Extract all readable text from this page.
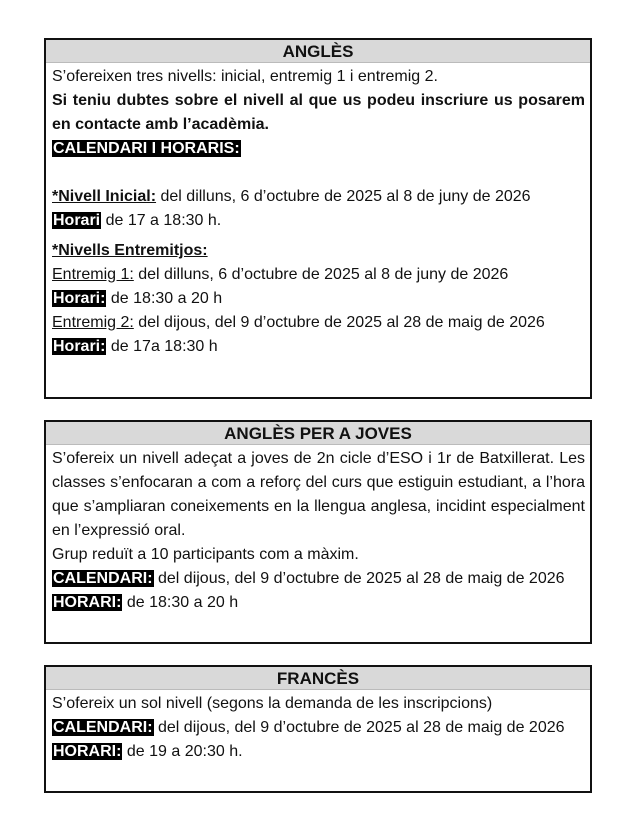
ANGLÈS

S’ofereixen tres nivells: inicial, entremig 1 i entremig 2.

Si teniu dubtes sobre el nivell al que us podeu inscriure us posarem en contacte amb l’acadèmia.

CALENDARI I HORARIS:

*Nivell Inicial: del dilluns, 6 d’octubre de 2025 al 8 de juny de 2026

Horari de 17 a 18:30 h.

*Nivells Entremitjos:

Entremig 1: del dilluns, 6 d’octubre de 2025 al 8 de juny de 2026

Horari: de 18:30 a 20 h

Entremig 2: del dijous, del 9 d’octubre de 2025 al 28 de maig de 2026

Horari: de 17a 18:30 h

ANGLÈS PER A JOVES

S’ofereix un nivell adeçat a joves de 2n cicle d’ESO i 1r de Batxillerat. Les classes s’enfocaran a com a reforç del curs que estiguin estudiant, a l’hora que s’ampliaran coneixements en la llengua anglesa, incidint especialment en l’expressió oral.

Grup reduït a 10 participants com a màxim.

CALENDARI: del dijous, del 9 d’octubre de 2025 al 28 de maig de 2026

HORARI: de 18:30 a 20 h

FRANCÈS

S’ofereix un sol nivell (segons la demanda de les inscripcions)

CALENDARI: del dijous, del 9 d’octubre de 2025 al 28 de maig de 2026

HORARI: de 19 a 20:30 h.
